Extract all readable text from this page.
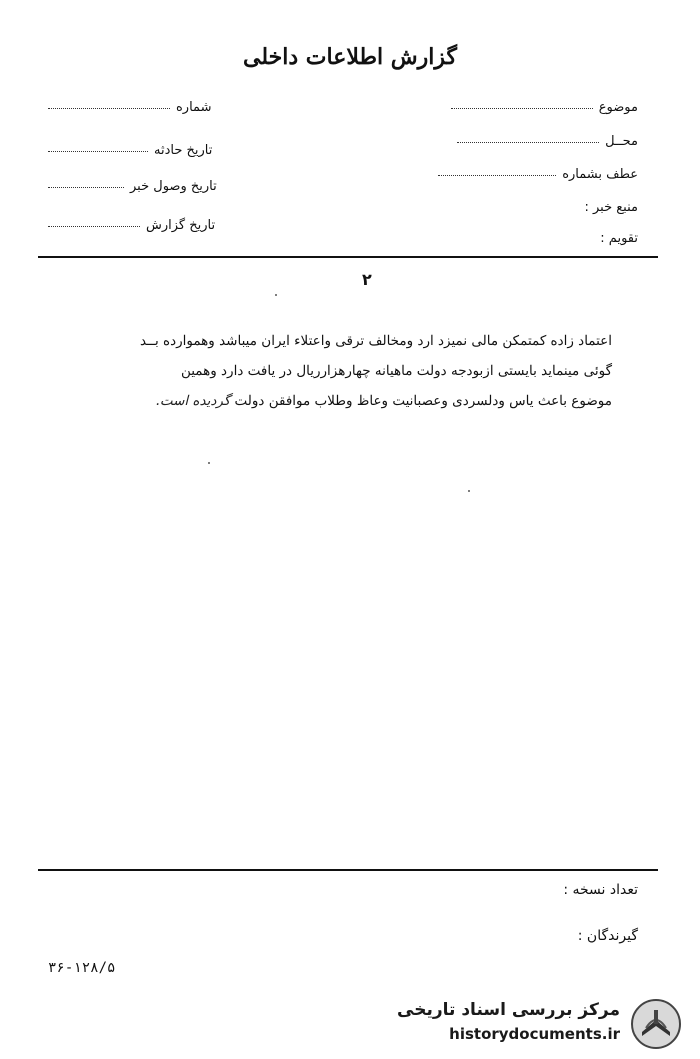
گزارش اطلاعات داخلی
موضوع
محــل
عطف بشماره
منبع خبر :
تقویم :
شماره
تاریخ حادثه
تاریخ وصول خبر
تاریخ گزارش
۲
اعتماد زاده کمتمکن مالی نمیزد ارد ومخالف ترقی واعتلاء ایران میباشد وهموارده بــد
گوئی مینماید بایستی ازبودجه دولت ماهیانه چهارهزارریال در یافت دارد وهمین
موضوع باعث یاس ودلسردی وعصبانیت وعاظ وطلاب موافقن دولت گردیده است.
تعداد نسخه :
گیرندگان :
۳۶-۱۲۸/۵
مرکز بررسی اسناد تاریخی
historydocuments.ir
